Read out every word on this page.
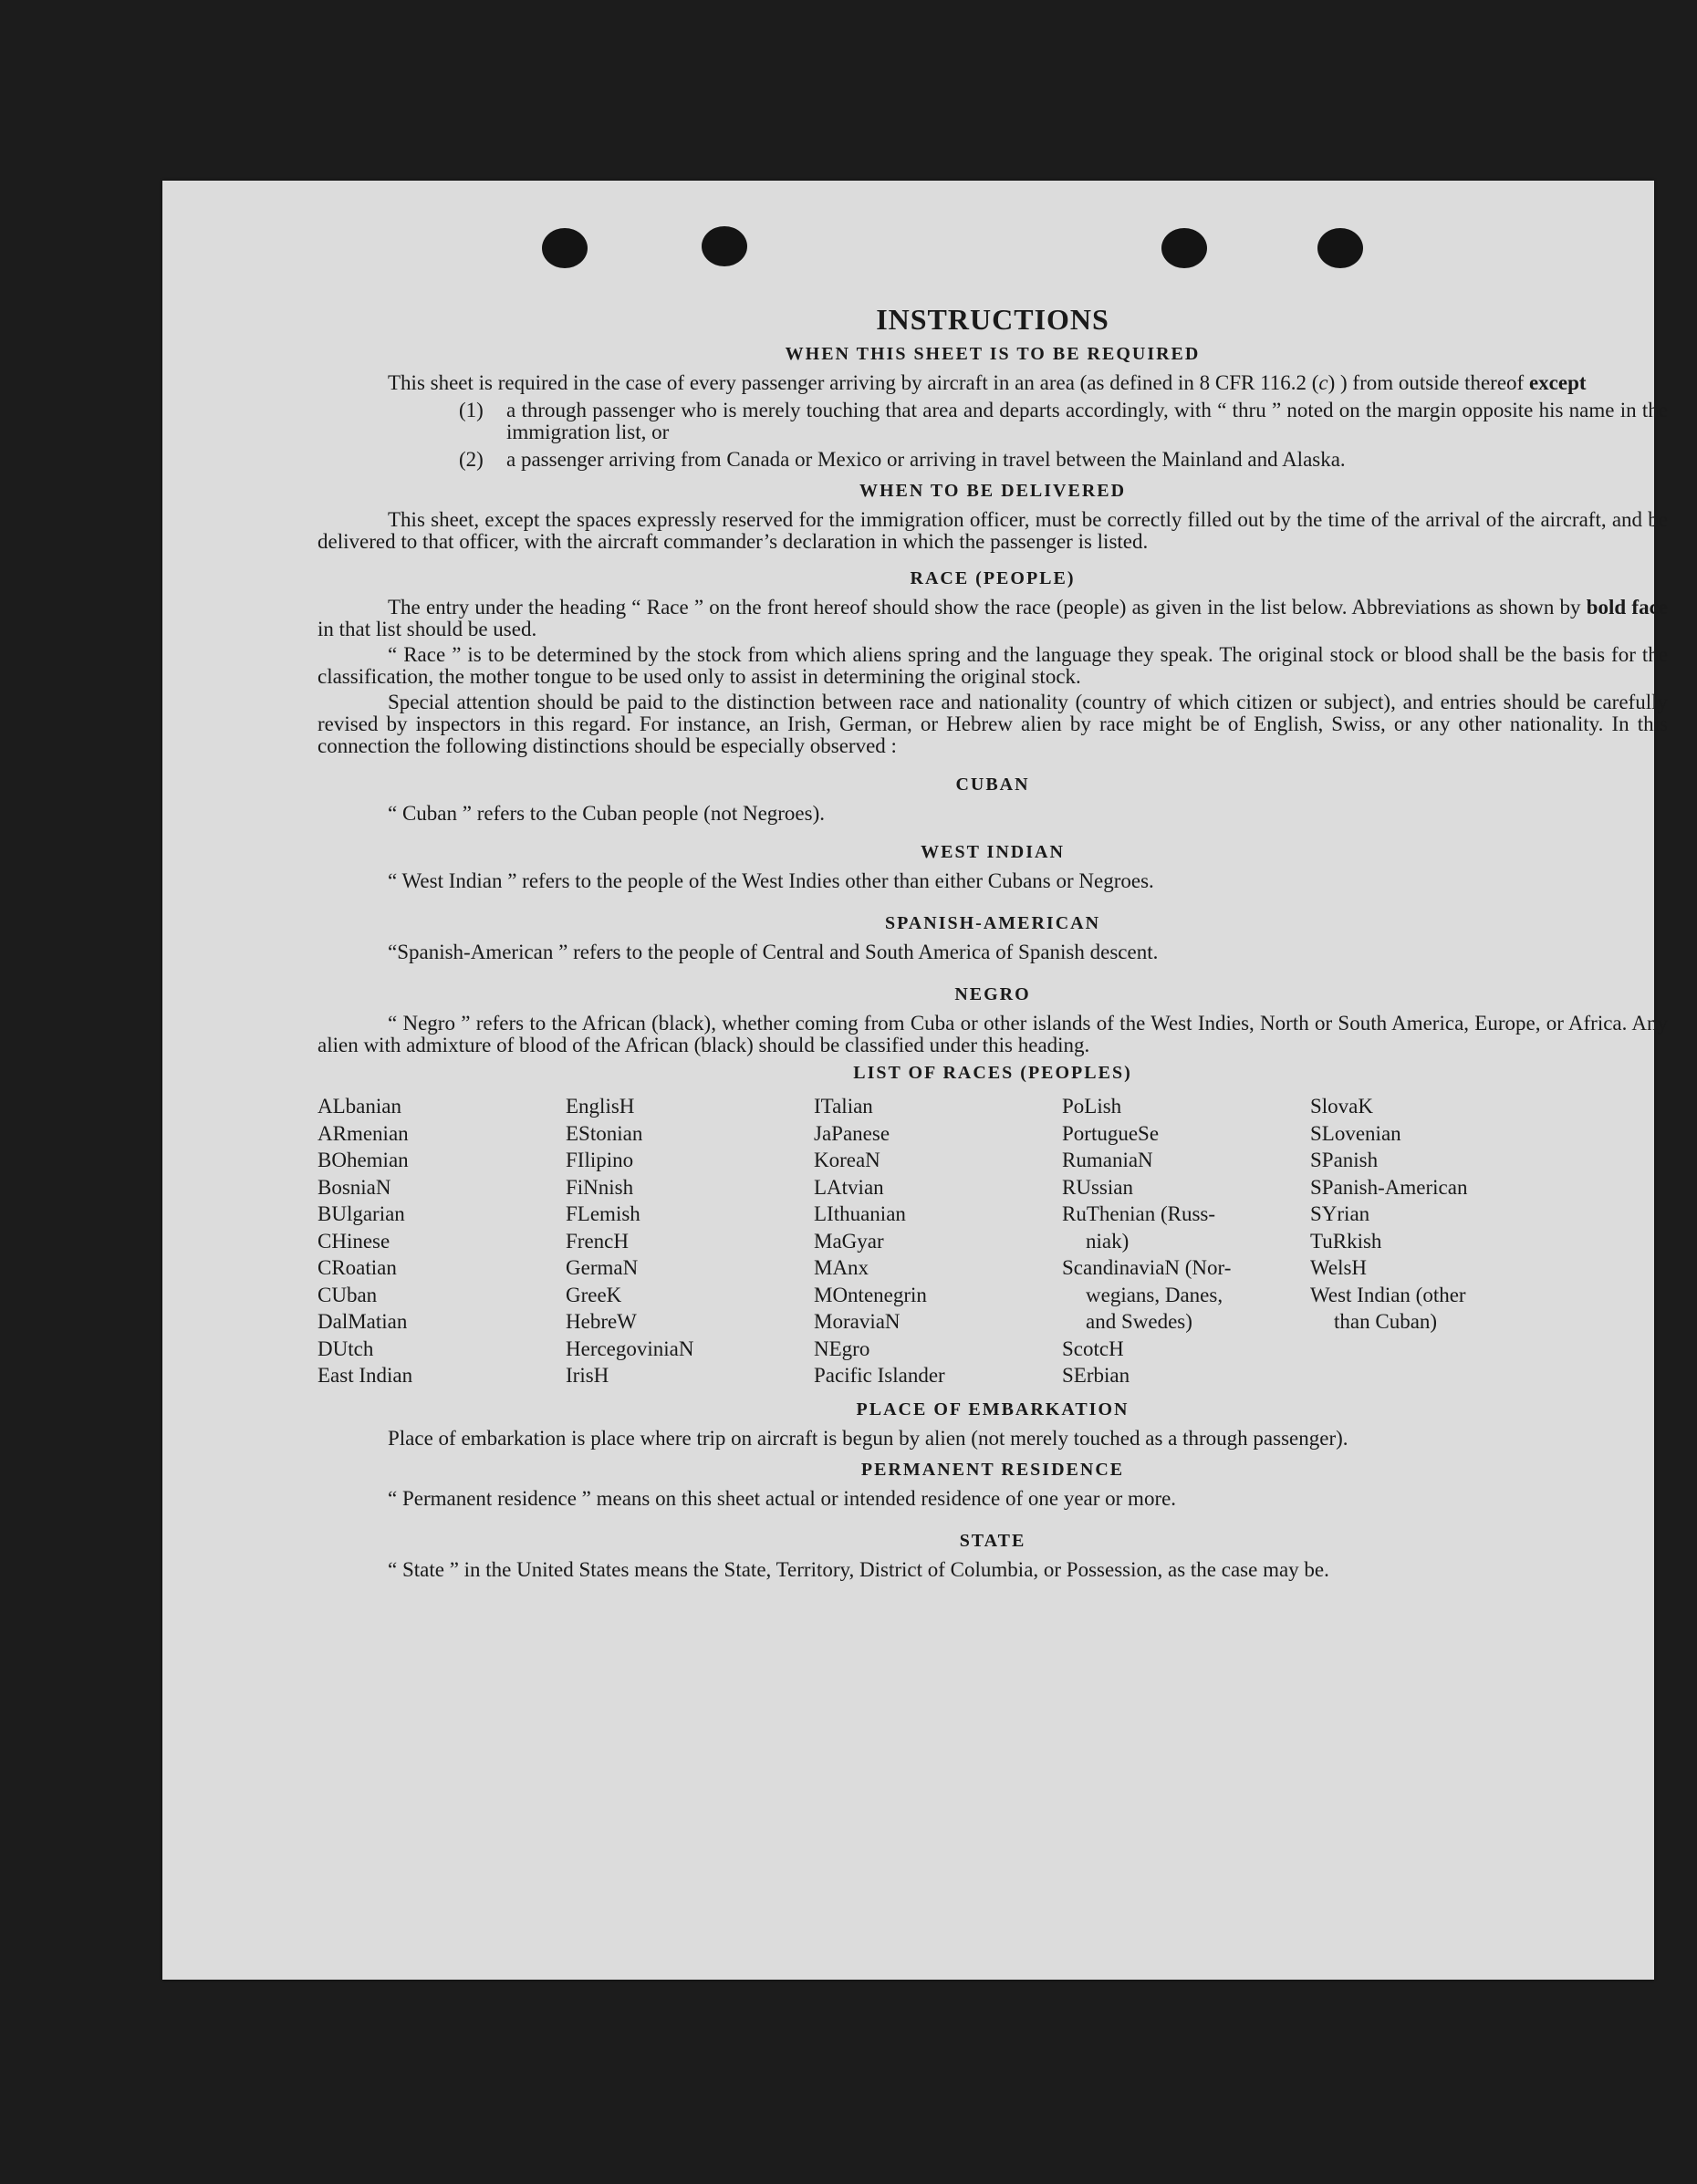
INSTRUCTIONS
WHEN THIS SHEET IS TO BE REQUIRED

This sheet is required in the case of every passenger arriving by aircraft in an area (as defined in 8 CFR 116.2 (c) ) from outside thereof except

(1)	a through passenger who is merely touching that area and departs accordingly, with “ thru ” noted on the margin opposite his name in the immigration list, or
(2)	a passenger arriving from Canada or Mexico or arriving in travel between the Mainland and Alaska.
WHEN TO BE DELIVERED

This sheet, except the spaces expressly reserved for the immigration officer, must be correctly filled out by the time of the arrival of the aircraft, and be delivered to that officer, with the aircraft commander’s declaration in which the passenger is listed.

RACE (PEOPLE)

The entry under the heading “ Race ” on the front hereof should show the race (people) as given in the list below. Abbreviations as shown by bold face in that list should be used.

“ Race ” is to be determined by the stock from which aliens spring and the language they speak. The original stock or blood shall be the basis for the classification, the mother tongue to be used only to assist in determining the original stock.

Special attention should be paid to the distinction between race and nationality (country of which citizen or subject), and entries should be carefully revised by inspectors in this regard. For instance, an Irish, German, or Hebrew alien by race might be of English, Swiss, or any other nationality. In this connection the following distinctions should be especially observed :

CUBAN

“ Cuban ” refers to the Cuban people (not Negroes).

WEST INDIAN

“ West Indian ” refers to the people of the West Indies other than either Cubans or Negroes.

SPANISH-AMERICAN

“Spanish-American ” refers to the people of Central and South America of Spanish descent.

NEGRO

“ Negro ” refers to the African (black), whether coming from Cuba or other islands of the West Indies, North or South America, Europe, or Africa. Any alien with admixture of blood of the African (black) should be classified under this heading.

LIST OF RACES (PEOPLES)
ALbanian
ARmenian
BOhemian
BosniaN
BUlgarian
CHinese
CRoatian
CUban
DalMatian
DUtch
East Indian
EnglisH
EStonian
FIlipino
FiNnish
FLemish
FrencH
GermaN
GreeK
HebreW
HercegoviniaN
IrisH
ITalian
JaPanese
KoreaN
LAtvian
LIthuanian
MaGyar
MAnx
MOntenegrin
MoraviaN
NEgro
Pacific Islander
PoLish
PortugueSe
RumaniaN
RUssian
RuThenian (Russ-
niak)
ScandinaviaN (Nor-
wegians, Danes,
and Swedes)
ScotcH
SErbian
SlovaK
SLovenian
SPanish
SPanish-American
SYrian
TuRkish
WelsH
West Indian (other
than Cuban)
PLACE OF EMBARKATION

Place of embarkation is place where trip on aircraft is begun by alien (not merely touched as a through passenger).

PERMANENT RESIDENCE

“ Permanent residence ” means on this sheet actual or intended residence of one year or more.

STATE

“ State ” in the United States means the State, Territory, District of Columbia, or Possession, as the case may be.
